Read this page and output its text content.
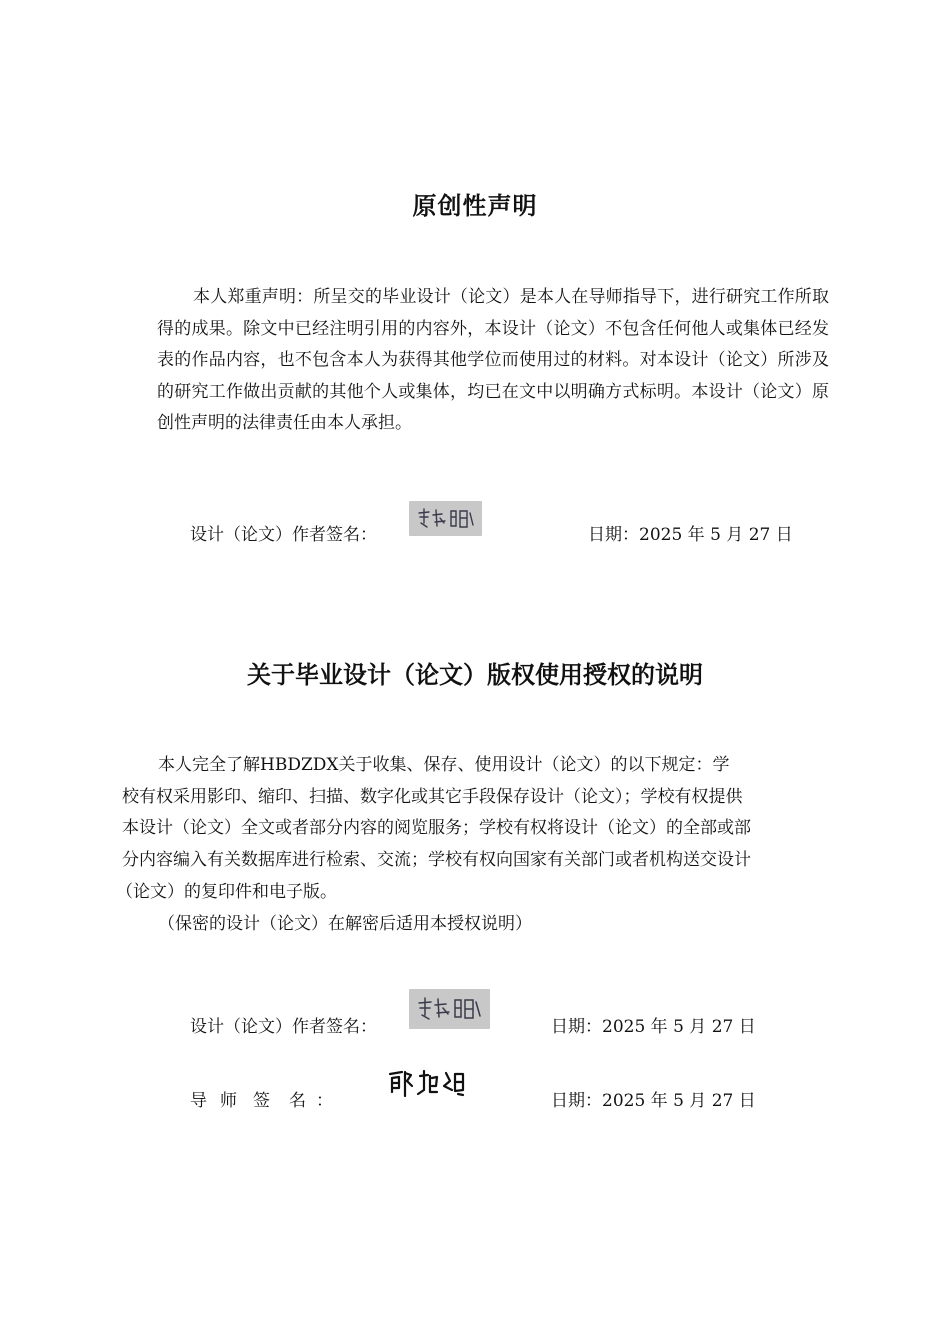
原创性声明
本人郑重声明：所呈交的毕业设计（论文）是本人在导师指导下，进行研究工作所取得的成果。除文中已经注明引用的内容外，本设计（论文）不包含任何他人或集体已经发表的作品内容，也不包含本人为获得其他学位而使用过的材料。对本设计（论文）所涉及的研究工作做出贡献的其他个人或集体，均已在文中以明确方式标明。本设计（论文）原创性声明的法律责任由本人承担。
设计（论文）作者签名：	日期：2025 年 5 月 27 日
关于毕业设计（论文）版权使用授权的说明
本人完全了解HBDZDX关于收集、保存、使用设计（论文）的以下规定：学
校有权采用影印、缩印、扫描、数字化或其它手段保存设计（论文）；学校有权提供
本设计（论文）全文或者部分内容的阅览服务；学校有权将设计（论文）的全部或部
分内容编入有关数据库进行检索、交流；学校有权向国家有关部门或者机构送交设计
（论文）的复印件和电子版。
（保密的设计（论文）在解密后适用本授权说明）
设计（论文）作者签名：	日期：2025 年 5 月 27 日
导 师 签 名 ：	日期：2025 年 5 月 27 日
